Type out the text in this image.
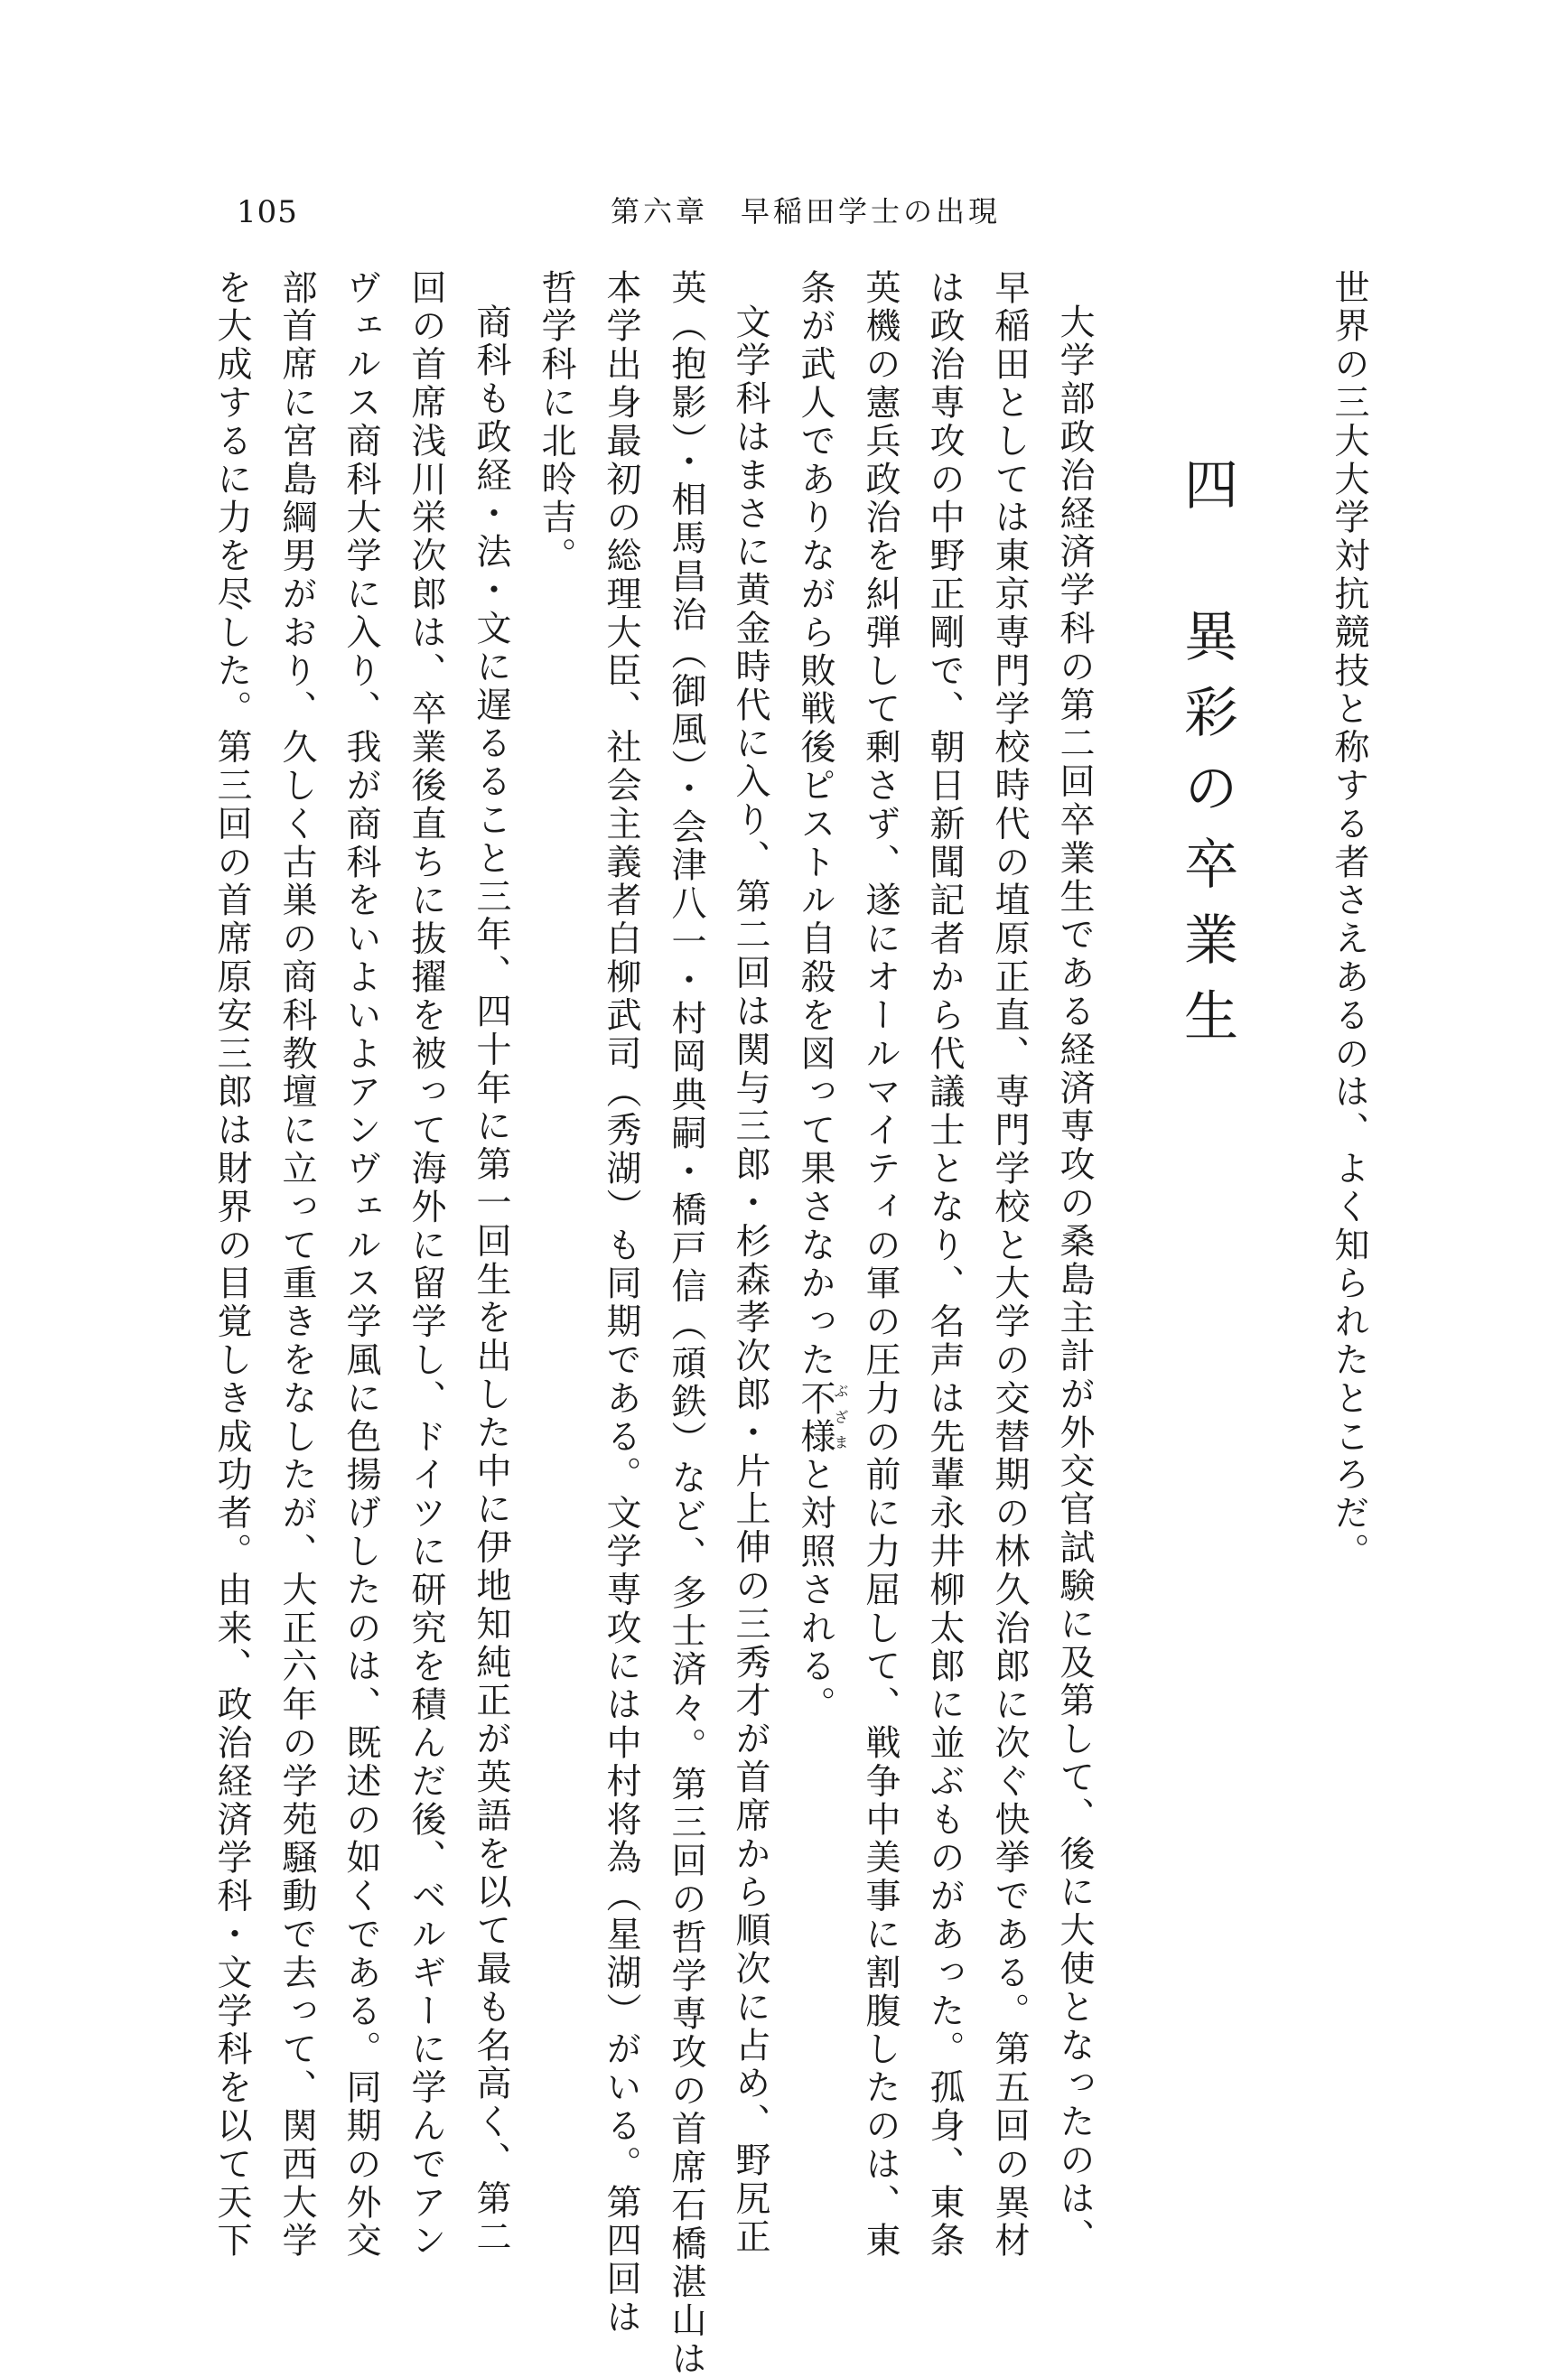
105	第六章　早稲田学士の出現
世界の三大大学対抗競技と称する者さえあるのは、よく知られたところだ。
四　異彩の卒業生
大学部政治経済学科の第二回卒業生である経済専攻の桑島主計が外交官試験に及第して、後に大使となったのは、
早稲田としては東京専門学校時代の埴原正直、専門学校と大学の交替期の林久治郎に次ぐ快挙である。第五回の異材
は政治専攻の中野正剛で、朝日新聞記者から代議士となり、名声は先輩永井柳太郎に並ぶものがあった。孤身、東条
英機の憲兵政治を糾弾して剰さず、遂にオールマイティの軍の圧力の前に力屈して、戦争中美事に割腹したのは、東
条が武人でありながら敗戦後ピストル自殺を図って果さなかった不様ぶざまと対照される。
文学科はまさに黄金時代に入り、第二回は関与三郎・杉森孝次郎・片上伸の三秀才が首席から順次に占め、野尻正
英（抱影）・相馬昌治（御風）・会津八一・村岡典嗣・橋戸信（頑鉄）など、多士済々。第三回の哲学専攻の首席石橋湛山は
本学出身最初の総理大臣、社会主義者白柳武司（秀湖）も同期である。文学専攻には中村将為（星湖）がいる。第四回は
哲学科に北昤吉。
商科も政経・法・文に遅るること三年、四十年に第一回生を出した中に伊地知純正が英語を以て最も名高く、第二
回の首席浅川栄次郎は、卒業後直ちに抜擢を被って海外に留学し、ドイツに研究を積んだ後、ベルギーに学んでアン
ヴェルス商科大学に入り、我が商科をいよいよアンヴェルス学風に色揚げしたのは、既述の如くである。同期の外交
部首席に宮島綱男がおり、久しく古巣の商科教壇に立って重きをなしたが、大正六年の学苑騒動で去って、関西大学
を大成するに力を尽した。第三回の首席原安三郎は財界の目覚しき成功者。由来、政治経済学科・文学科を以て天下
